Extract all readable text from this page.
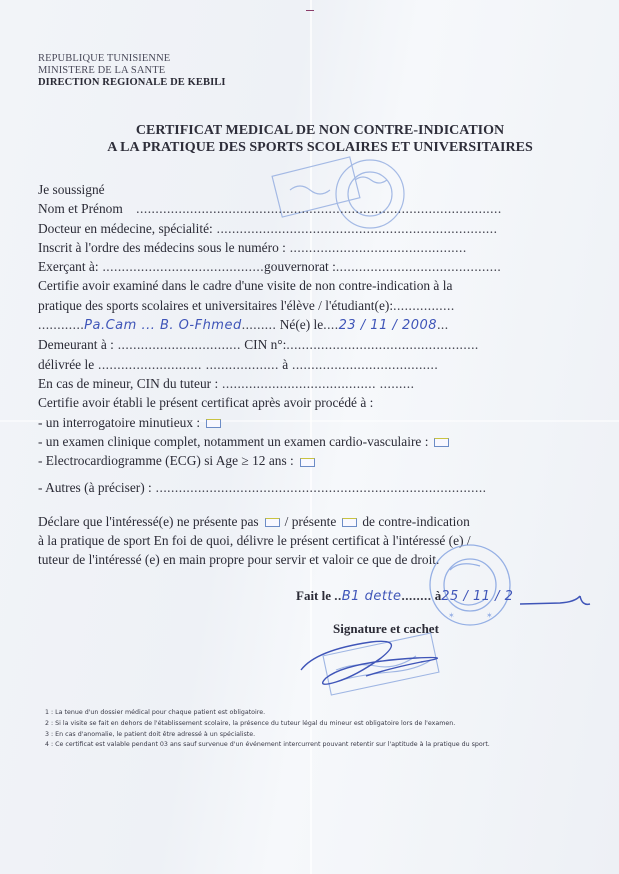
REPUBLIQUE TUNISIENNE
MINISTERE DE LA SANTE
DIRECTION REGIONALE DE KEBILI
CERTIFICAT MEDICAL DE NON CONTRE-INDICATION
A LA PRATIQUE DES SPORTS SCOLAIRES ET UNIVERSITAIRES
Je soussigné
Nom et Prénom ...............................................................................................
Docteur en médecine, spécialité: .........................................................................
Inscrit à l'ordre des médecins sous le numéro : ..............................................
Exerçant à: ..........................................gouvernorat :...........................................
Certifie avoir examiné dans le cadre d'une visite de non contre-indication à la
pratique des sports scolaires et universitaires l'élève / l'étudiant(e):................
............Pa.Cam ... B. O-Fhmed......... Né(e) le....23 / 11 / 2008...
Demeurant à : ................................ CIN n°:..................................................
délivrée le ........................... ................... à ......................................
En cas de mineur, CIN du tuteur : ........................................ .........
Certifie avoir établi le présent certificat après avoir procédé à :
- un interrogatoire minutieux :
- un examen clinique complet, notamment un examen cardio-vasculaire :
- Electrocardiogramme (ECG) si Age ≥ 12 ans :
- Autres (à préciser) : ......................................................................................
Déclare que l'intéressé(e) ne présente pas / présente de contre-indication
à la pratique de sport En foi de quoi, délivre le présent certificat à l'intéressé (e) /
tuteur de l'intéressé (e) en main propre pour servir et valoir ce que de droit.
✶	✶
Fait le ..B1 dette........ à25 / 11 / 2
Signature et cachet
1 : La tenue d'un dossier médical pour chaque patient est obligatoire.
2 : Si la visite se fait en dehors de l'établissement scolaire, la présence du tuteur légal du mineur est obligatoire lors de l'examen.
3 : En cas d'anomalie, le patient doit être adressé à un spécialiste.
4 : Ce certificat est valable pendant 03 ans sauf survenue d'un événement intercurrent pouvant retentir sur l'aptitude à la pratique du sport.
